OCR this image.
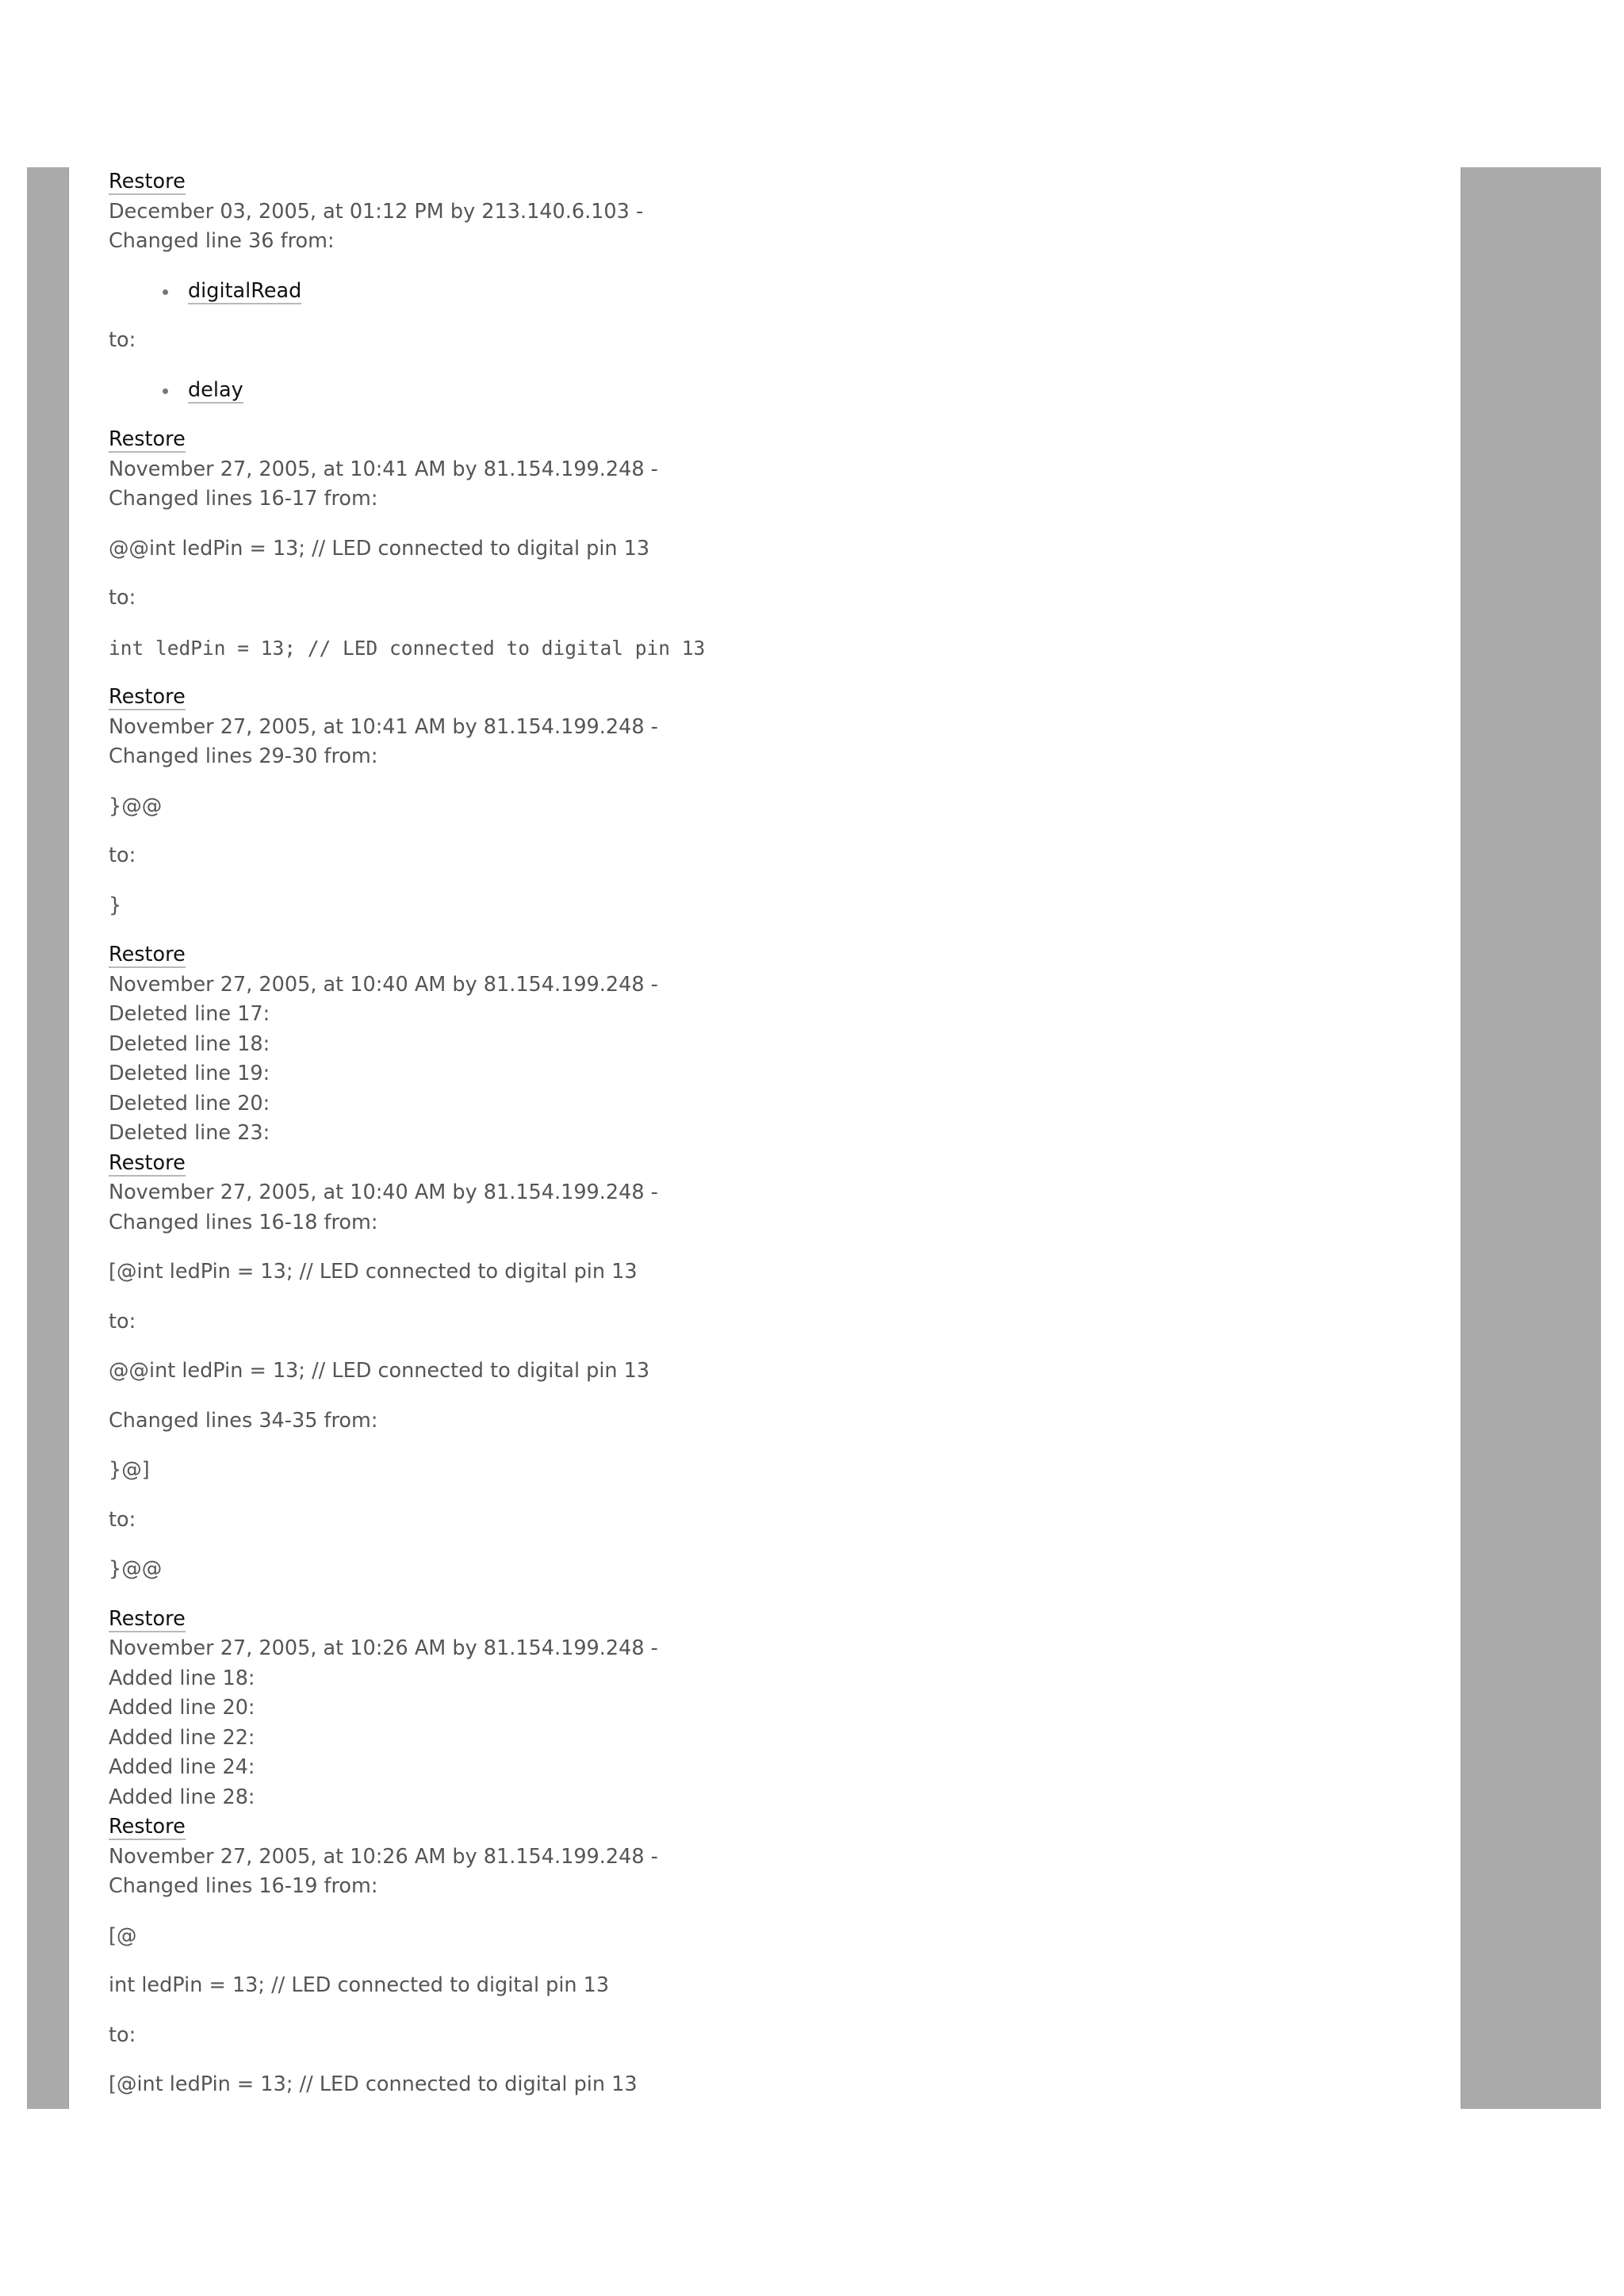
Restore
December 03, 2005, at 01:12 PM by 213.140.6.103 -
Changed line 36 from:
digitalRead
to:
delay
Restore
November 27, 2005, at 10:41 AM by 81.154.199.248 -
Changed lines 16-17 from:
@@int ledPin = 13; // LED connected to digital pin 13
to:
int ledPin = 13; // LED connected to digital pin 13
Restore
November 27, 2005, at 10:41 AM by 81.154.199.248 -
Changed lines 29-30 from:
}@@
to:
}
Restore
November 27, 2005, at 10:40 AM by 81.154.199.248 -
Deleted line 17:
Deleted line 18:
Deleted line 19:
Deleted line 20:
Deleted line 23:
Restore
November 27, 2005, at 10:40 AM by 81.154.199.248 -
Changed lines 16-18 from:
[@int ledPin = 13; // LED connected to digital pin 13
to:
@@int ledPin = 13; // LED connected to digital pin 13
Changed lines 34-35 from:
}@]
to:
}@@
Restore
November 27, 2005, at 10:26 AM by 81.154.199.248 -
Added line 18:
Added line 20:
Added line 22:
Added line 24:
Added line 28:
Restore
November 27, 2005, at 10:26 AM by 81.154.199.248 -
Changed lines 16-19 from:
[@
int ledPin = 13; // LED connected to digital pin 13
to:
[@int ledPin = 13; // LED connected to digital pin 13
